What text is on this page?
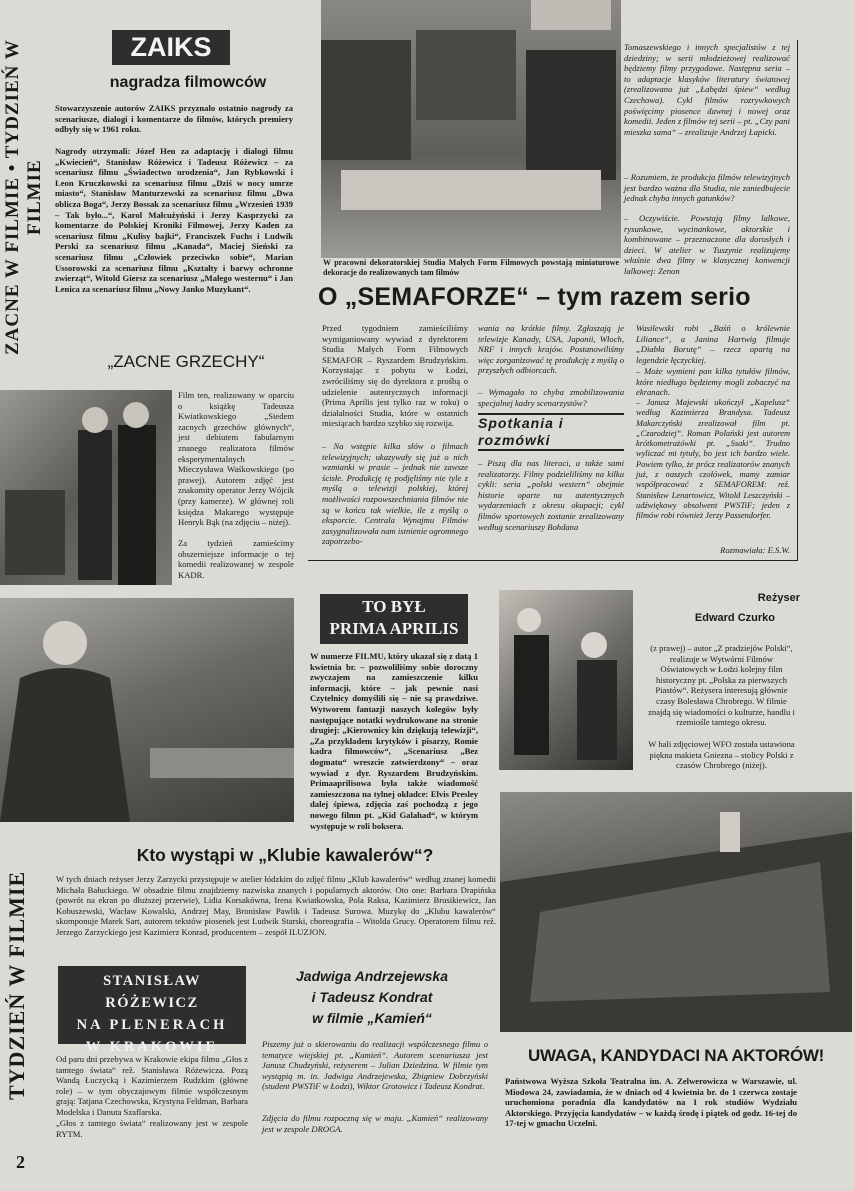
ZACNE W FILMIE • TYDZIEŃ W FILMIE
TYDZIEŃ W FILMIE
2
ZAIKS
nagradza filmowców
Stowarzyszenie autorów ZAIKS przyznało ostatnio nagrody za scenariusze, dialogi i komentarze do filmów, których premiery odbyły się w 1961 roku.
Nagrody otrzymali: Józef Hen za adaptację i dialogi filmu „Kwiecień“, Stanisław Różewicz i Tadeusz Różewicz – za scenariusz filmu „Świadectwo urodzenia“, Jan Rybkowski i Leon Kruczkowski za scenariusz filmu „Dziś w nocy umrze miasto“, Stanisław Manturzewski za scenariusz filmu „Dwa oblicza Boga“, Jerzy Bossak za scenariusz filmu „Wrzesień 1939 – Tak było...“, Karol Małcużyński i Jerzy Kasprzycki za komentarze do Polskiej Kroniki Filmowej, Jerzy Kaden za scenariusz filmu „Kulisy bajki“, Franciszek Fuchs i Ludwik Perski za scenariusz filmu „Kanada“, Maciej Sieński za scenariusz filmu „Człowiek przeciwko sobie“, Marian Ussorowski za scenariusz filmu „Kształty i barwy ochronne zwierząt“, Witold Giersz za scenariusz „Małego westernu“ i Jan Lenica za scenariusz filmu „Nowy Janko Muzykant“.
„ZACNE GRZECHY“
Film ten, realizowany w oparciu o książkę Tadeusza Kwiatkowskiego „Siedem zacnych grzechów głównych“, jest debiutem fabularnym znanego realizatora filmów eksperymentalnych – Mieczysława Waśkowskiego (po prawej). Autorem zdjęć jest znakomity operator Jerzy Wójcik (przy kamerze). W głównej roli księdza Makarego występuje Henryk Bąk (na zdjęciu – niżej).
Za tydzień zamieścimy obszerniejsze informacje o tej komedii realizowanej w zespole KADR.
W pracowni dekoratorskiej Studia Małych Form Filmowych powstają miniaturowe dekoracje do realizowanych tam filmów
Tomaszewskiego i innych specjalistów z tej dziedziny; w serii młodzieżowej realizować będziemy filmy przygodowe. Następna seria – to adaptacje klasyków literatury światowej (zrealizowano już „Łabędzi śpiew“ według Czechowa). Cykl filmów rozrywkowych poświęcimy piosence dawnej i nowej oraz komedii. Jeden z filmów tej serii – pt. „Czy pani mieszka sama“ – zrealizuje Andrzej Łapicki.
– Rozumiem, że produkcja filmów telewizyjnych jest bardzo ważna dla Studia, nie zaniedbujecie jednak chyba innych gatunków?
– Oczywiście. Powstają filmy lalkowe, rysunkowe, wycinankowe, aktorskie i kombinowane – przeznaczone dla dorosłych i dzieci. W atelier w Tuszynie realizujemy właśnie dwa filmy w klasycznej konwencji lalkowej: Zenon
O „SEMAFORZE“ – tym razem serio
Przed tygodniem zamieściliśmy wymiganiowany wywiad z dyrektorem Studia Małych Form Filmowych SEMAFOR – Ryszardem Brudzyńskim. Korzystając z pobytu w Łodzi, zwróciliśmy się do dyrektora z prośbą o udzielenie autentycznych informacji (Prima Aprilis jest tylko raz w roku) o działalności Studia, które w ostatnich miesiącach bardzo szybko się rozwija.
– Na wstępie kilka słów o filmach telewizyjnych; ukazywały się już o nich wzmianki w prasie – jednak nie zawsze ścisłe. Produkcję tę podjęliśmy nie tyle z myślą o telewizji polskiej, której możliwości rozpowszechniania filmów nie są w końcu tak wielkie, ile z myślą o eksporcie. Centrala Wynajmu Filmów zasygnalizowała nam istnienie ogromnego zapotrzebo-
wania na krótkie filmy. Zgłaszają je telewizje Kanady, USA, Japonii, Włoch, NRF i innych krajów. Postanowiliśmy więc zorganizować tę produkcję z myślą o przyszłych odbiorcach.
– Wymagało to chyba zmobilizowania specjalnej kadry scenarzystów?
Spotkania i rozmówki
– Piszą dla nas literaci, a także sami realizatorzy. Filmy podzieliliśmy na kilka cykli: seria „polski western“ obejmie historie oparte na autentycznych wydarzeniach z okresu okupacji; cykl filmów sportowych zostanie zrealizowany według scenariuszy Bohdana
Wasilewski robi „Baśń o królewnie Liliance“, a Janina Hartwig filmuje „Diabła Borutę“ – rzecz opartą na legendzie łęczyckiej.
– Może wymieni pan kilka tytułów filmów, które niedługo będziemy mogli zobaczyć na ekranach.
– Janusz Majewski ukończył „Kapelusz“ według Kazimierza Brandysa. Tadeusz Makarczyński zrealizował film pt. „Czarodziej“. Roman Polański jest autorem krótkometrażówki pt. „Ssaki“. Trudno wyliczać mi tytuły, bo jest ich bardzo wiele. Powiem tylko, że prócz realizatorów znanych już, z naszych czołówek, mamy zamiar współpracować z SEMAFOREM: rež. Stanisław Lenartowicz, Witold Leszczyński – udźwiękowy obsolwent PWSTiF; jeden z filmów robi również Jerzy Passendorfer.
Rozmawiała: E.S.W.
TO BYŁ
PRIMA APRILIS
W numerze FILMU, który ukazał się z datą 1 kwietnia br. – pozwoliliśmy sobie doroczny zwyczajem na zamieszczenie kilku informacji, które – jak pewnie nasi Czytelnicy domyślili się – nie są prawdziwe. Wytworem fantazji naszych kolegów były następujące notatki wydrukowane na stronie drugiej: „Kierownicy kin dziękują telewizji“, „Za przykładem krytyków i pisarzy, Romie kadra filmowców“, „Scenariusz „Bez dogmatu“ wreszcie zatwierdzony“ – oraz wywiad z dyr. Ryszardem Brudzyńskim. Primaaprilisowa była także wiadomość zamieszczona na tylnej okładce: Elvis Presley dalej śpiewa, zdjęcia zaś pochodzą z jego nowego filmu pt. „Kid Galahad“, w którym występuje w roli boksera.
Reżyser
Edward Czurko
(z prawej) – autor „Z pradziejów Polski“, realizuje w Wytwórni Filmów Oświatowych w Łodzi kolejny film historyczny pt. „Polska za pierwszych Piastów“. Reżysera interesują głównie czasy Bolesława Chrobrego. W filmie znajdą się wiadomości o kulturze, handlu i rzemiośle tamtego okresu.
W hali zdjęciowej WFO została ustawiona piękna makieta Gniezna – stolicy Polski z czasów Chrobrego (niżej).
Kto wystąpi w „Klubie kawalerów“?
W tych dniach reżyser Jerzy Zarzycki przystępuje w atelier łódzkim do zdjęć filmu „Klub kawalerów“ według znanej komedii Michała Bałuckiego. W obsadzie filmu znajdziemy nazwiska znanych i popularnych aktorów. Oto one: Barbara Drapińska (powrót na ekran po dłuższej przerwie), Lidia Korsakówna, Irena Kwiatkowska, Pola Raksa, Kazimierz Brusikiewicz, Jan Kobuszewski, Wacław Kowalski, Andrzej May, Bronisław Pawlik i Tadeusz Surowa. Muzykę do „Klubu kawalerów“ skomponuje Marek Sart, autorem tekstów piosenek jest Ludwik Starski, choreografia – Witolda Grucy. Operatorem filmu rež. Jerzego Zarzyckiego jest Kazimierz Konrad, producentem – zespół ILUZJON.
STANISŁAW RÓŻEWICZ
NA PLENERACH
W KRAKOWIE
Od paru dni przebywa w Krakowie ekipa filmu „Głos z tamtego świata“ rež. Stanisława Różewicza. Pozą Wandą Łuczycką i Kazimierzem Rudzkim (główne role) – w tym obyczajowym filmie współczesnym grają: Tatjana Czechowska, Krystyna Feldman, Barbara Modelska i Danuta Szaflarska.
„Głos z tamtego świata“ realizowany jest w zespole RYTM.
Jadwiga Andrzejewska
i Tadeusz Kondrat
w filmie „Kamień“
Piszemy już o skierowaniu do realizacji współczesnego filmu o tematyce wiejskiej pt. „Kamień“. Autorem scenariusza jest Janusz Chudzyński, reżyserem – Julian Dziedzina. W filmie tym wystąpią m. in. Jadwiga Andrzejewska, Zbigniew Dobrzyński (student PWSTiF w Łodzi), Wiktor Grotowicz i Tadeusz Kondrat.
Zdjęcia do filmu rozpoczną się w maju. „Kamień“ realizowany jest w zespole DROGA.
UWAGA, KANDYDACI NA AKTORÓW!
Państwowa Wyższa Szkoła Teatralna im. A. Zelwerowicza w Warszawie, ul. Miodowa 24, zawiadamia, że w dniach od 4 kwietnia br. do 1 czerwca zostaje uruchomiona poradnia dla kandydatów na I rok studiów Wydziału Aktorskiego. Przyjęcia kandydatów – w każdą środę i piątek od godz. 16-tej do 17-tej w gmachu Uczelni.
